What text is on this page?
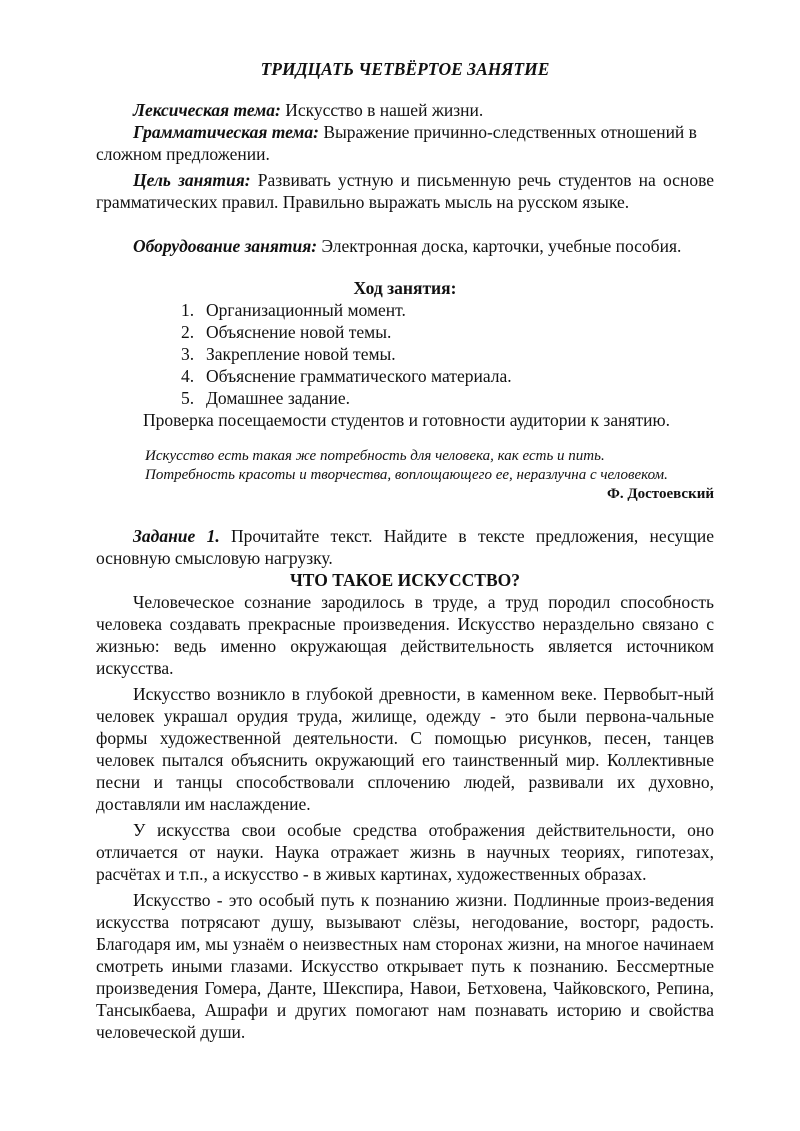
ТРИДЦАТЬ ЧЕТВЁРТОЕ ЗАНЯТИЕ

Лексическая тема: Искусство в нашей жизни.

Грамматическая тема: Выражение причинно-следственных отношений в сложном предложении.

Цель занятия: Развивать устную и письменную речь студентов на основе грамматических правил. Правильно выражать мысль на русском языке.

Оборудование занятия: Электронная доска, карточки, учебные пособия.

Ход занятия:

1. Организационный момент.
2. Объяснение новой темы.
3. Закрепление новой темы.
4. Объяснение грамматического материала.
5. Домашнее задание.

Проверка посещаемости студентов и готовности аудитории к занятию.

Искусство есть такая же потребность для человека, как есть и пить.

Потребность красоты и творчества, воплощающего ее, неразлучна с человеком.

Ф. Достоевский

Задание 1. Прочитайте текст. Найдите в тексте предложения, несущие основную смысловую нагрузку.

ЧТО ТАКОЕ ИСКУССТВО?

Человеческое сознание зародилось в труде, а труд породил способность человека создавать прекрасные произведения. Искусство нераздельно связано с жизнью: ведь именно окружающая действительность является источником искусства.

Искусство возникло в глубокой древности, в каменном веке. Первобыт-ный человек украшал орудия труда, жилище, одежду - это были первона-чальные формы художественной деятельности. С помощью рисунков, песен, танцев человек пытался объяснить окружающий его таинственный мир. Коллективные песни и танцы способствовали сплочению людей, развивали их духовно, доставляли им наслаждение.

У искусства свои особые средства отображения действительности, оно отличается от науки. Наука отражает жизнь в научных теориях, гипотезах, расчётах и т.п., а искусство - в живых картинах, художественных образах.

Искусство - это особый путь к познанию жизни. Подлинные произ-ведения искусства потрясают душу, вызывают слёзы, негодование, восторг, радость. Благодаря им, мы узнаём о неизвестных нам сторонах жизни, на многое начинаем смотреть иными глазами. Искусство открывает путь к познанию. Бессмертные произведения Гомера, Данте, Шекспира, Навои, Бетховена, Чайковского, Репина, Тансыкбаева, Ашрафи и других помогают нам познавать историю и свойства человеческой души.
